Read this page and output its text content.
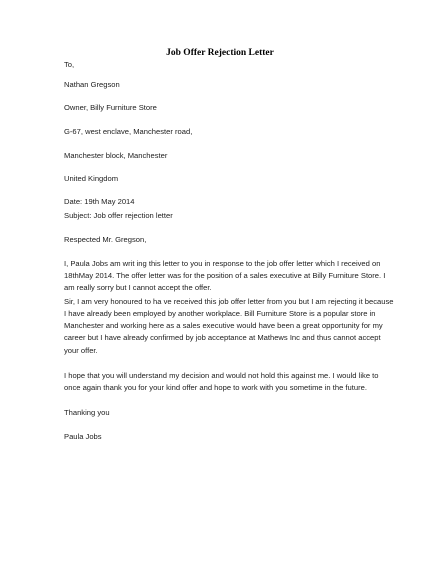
Job Offer Rejection Letter
To,
Nathan Gregson
Owner, Billy Furniture Store
G-67, west enclave, Manchester road,
Manchester block, Manchester
United Kingdom
Date: 19th May 2014
Subject: Job offer rejection letter
Respected Mr. Gregson,
I, Paula Jobs am writ ing this letter to you in response to the job offer letter which I received on
18thMay 2014. The offer letter was for the position of a sales executive at Billy Furniture Store. I
am really sorry but I cannot accept the offer.
Sir, I am very honoured to ha ve received this job offer letter from you but I am rejecting it because
I have already been employed by another workplace. Bill Furniture Store is a popular store in
Manchester and working here as a sales executive would have been a great opportunity for my
career but I have already confirmed by job acceptance at Mathews Inc and thus cannot accept
your offer.
I hope that you will understand my decision and would not hold this against me. I would like to
once again thank you for your kind offer and hope to work with you sometime in the future.
Thanking you
Paula Jobs
